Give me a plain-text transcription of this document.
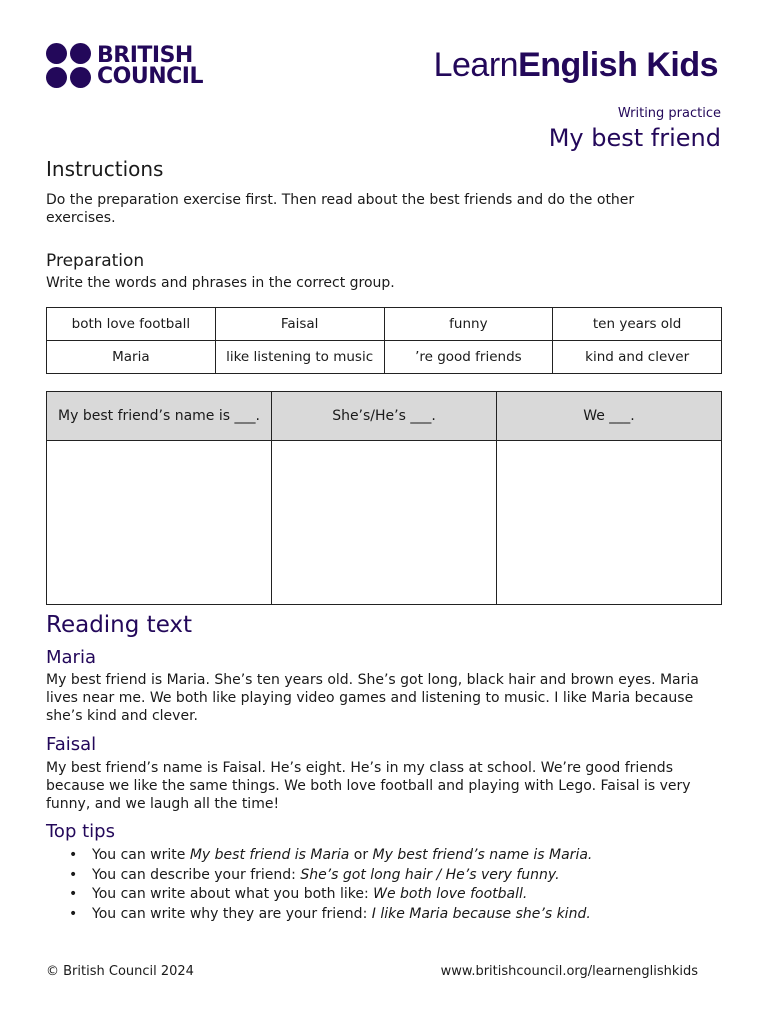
BRITISH
COUNCIL	LearnEnglish Kids
Writing practice
My best friend
Instructions
Do the preparation exercise first. Then read about the best friends and do the other exercises.
Preparation
Write the words and phrases in the correct group.
both love football	Faisal	funny	ten years old
Maria	like listening to music	’re good friends	kind and clever
My best friend’s name is ___.	She’s/He’s ___.	We ___.

Reading text
Maria
My best friend is Maria. She’s ten years old. She’s got long, black hair and brown eyes. Maria lives near me. We both like playing video games and listening to music. I like Maria because she’s kind and clever.
Faisal
My best friend’s name is Faisal. He’s eight. He’s in my class at school. We’re good friends because we like the same things. We both love football and playing with Lego. Faisal is very funny, and we laugh all the time!
Top tips
• You can write My best friend is Maria or My best friend’s name is Maria.
• You can describe your friend: She’s got long hair / He’s very funny.
• You can write about what you both like: We both love football.
• You can write why they are your friend: I like Maria because she’s kind.
© British Council 2024	www.britishcouncil.org/learnenglishkids
